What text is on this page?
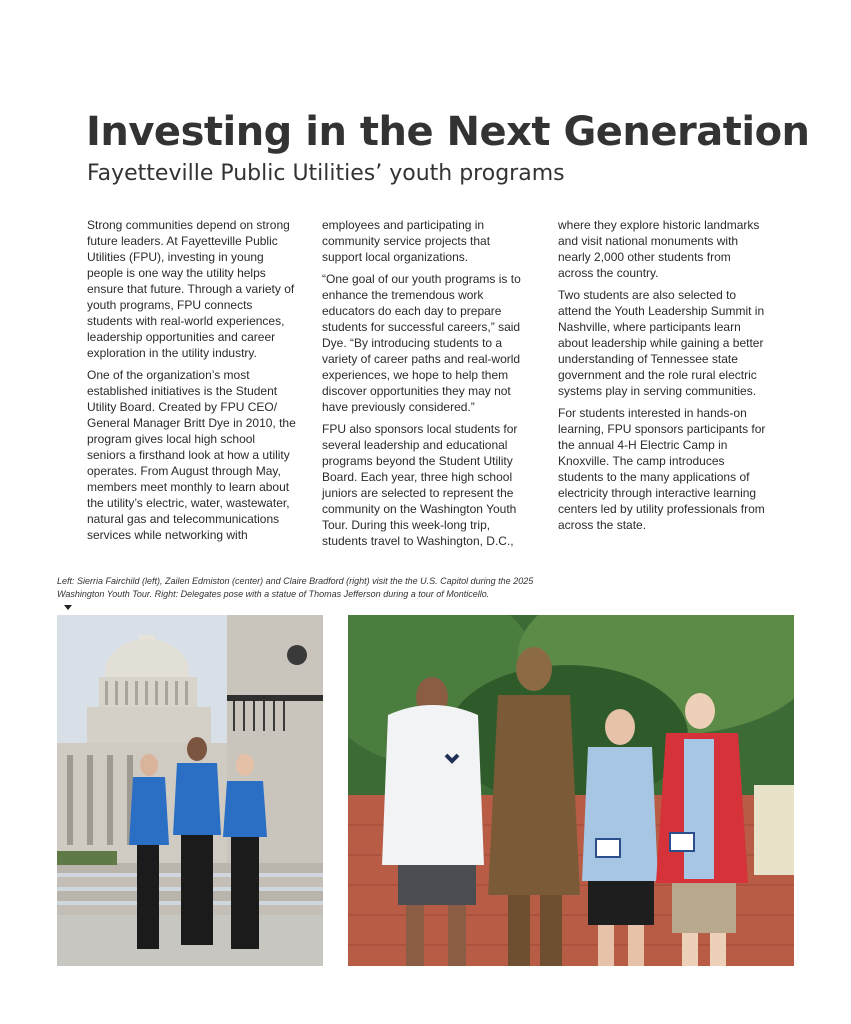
Investing in the Next Generation
Fayetteville Public Utilities’ youth programs

Strong communities depend on strong future leaders. At Fayetteville Public Utilities (FPU), investing in young people is one way the utility helps ensure that future. Through a variety of youth programs, FPU connects students with real-world experiences, leadership opportunities and career exploration in the utility industry.

One of the organization’s most established initiatives is the Student Utility Board. Created by FPU CEO/ General Manager Britt Dye in 2010, the program gives local high school seniors a firsthand look at how a utility operates. From August through May, members meet monthly to learn about the utility’s electric, water, wastewater, natural gas and telecommunications services while networking with

employees and participating in community service projects that support local organizations.

“One goal of our youth programs is to enhance the tremendous work educators do each day to prepare students for successful careers,” said Dye. “By introducing students to a variety of career paths and real-world experiences, we hope to help them discover opportunities they may not have previously considered.”

FPU also sponsors local students for several leadership and educational programs beyond the Student Utility Board. Each year, three high school juniors are selected to represent the community on the Washington Youth Tour. During this week-long trip, students travel to Washington, D.C.,

where they explore historic landmarks and visit national monuments with nearly 2,000 other students from across the country.

Two students are also selected to attend the Youth Leadership Summit in Nashville, where participants learn about leadership while gaining a better understanding of Tennessee state government and the role rural electric systems play in serving communities.

For students interested in hands-on learning, FPU sponsors participants for the annual 4-H Electric Camp in Knoxville. The camp introduces students to the many applications of electricity through interactive learning centers led by utility professionals from across the state.

Left: Sierria Fairchild (left), Zailen Edmiston (center) and Claire Bradford (right) visit the the U.S. Capitol during the 2025 Washington Youth Tour. Right: Delegates pose with a statue of Thomas Jefferson during a tour of Monticello.
